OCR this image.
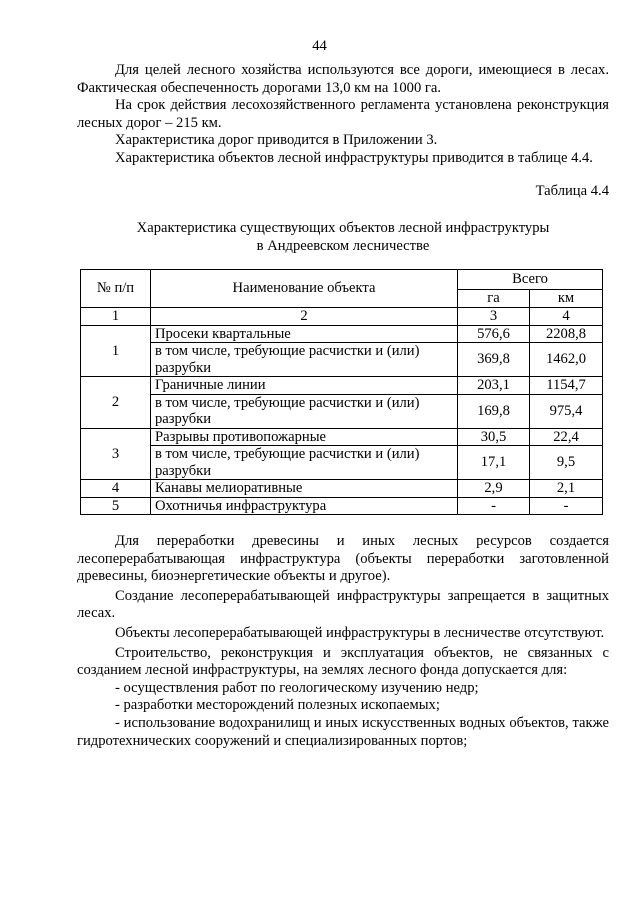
44

Для целей лесного хозяйства используются все дороги, имеющиеся в лесах. Фактическая обеспеченность дорогами 13,0 км на 1000 га.

На срок действия лесохозяйственного регламента установлена реконструкция лесных дорог – 215 км.

Характеристика дорог приводится в Приложении 3.

Характеристика объектов лесной инфраструктуры приводится в таблице 4.4.

Таблица 4.4
Характеристика существующих объектов лесной инфраструктуры
в Андреевском лесничестве
№ п/п	Наименование объекта	Всего	
		га	км
1	2	3	4
1	Просеки квартальные	576,6	2208,8
	в том числе, требующие расчистки и (или) разрубки	369,8	1462,0
2	Граничные линии	203,1	1154,7
	в том числе, требующие расчистки и (или) разрубки	169,8	975,4
3	Разрывы противопожарные	30,5	22,4
	в том числе, требующие расчистки и (или) разрубки	17,1	9,5
4	Канавы мелиоративные	2,9	2,1
5	Охотничья инфраструктура	-	-

Для переработки древесины и иных лесных ресурсов создается лесоперерабатывающая инфраструктура (объекты переработки заготовленной древесины, биоэнергетические объекты и другое).

Создание лесоперерабатывающей инфраструктуры запрещается в защитных лесах.

Объекты лесоперерабатывающей инфраструктуры в лесничестве отсутствуют.

Строительство, реконструкция и эксплуатация объектов, не связанных с созданием лесной инфраструктуры, на землях лесного фонда допускается для:

- осуществления работ по геологическому изучению недр;

- разработки месторождений полезных ископаемых;

- использование водохранилищ и иных искусственных водных объектов, также гидротехнических сооружений и специализированных портов;
